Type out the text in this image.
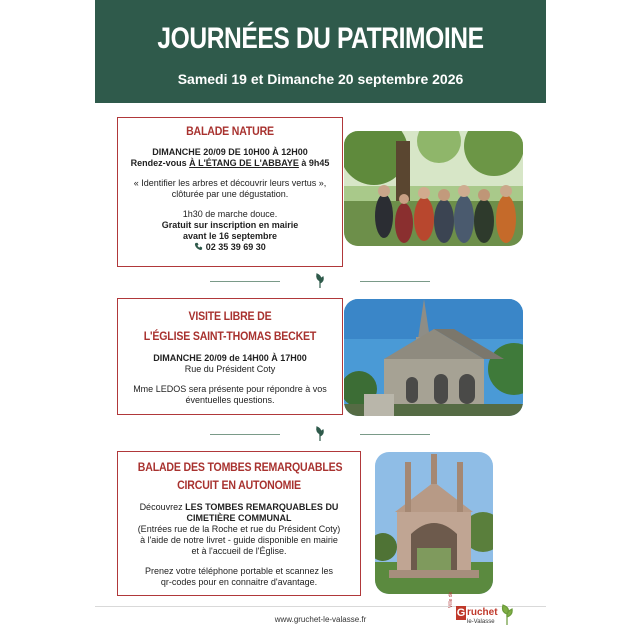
JOURNÉES DU PATRIMOINE
Samedi 19 et Dimanche 20 septembre 2026
BALADE NATURE

DIMANCHE 20/09 DE 10H00 À 12H00

Rendez-vous À L'ÉTANG DE L'ABBAYE à 9h45

« Identifier les arbres et découvrir leurs vertus »,

clôturée par une dégustation.

1h30 de marche douce.

Gratuit sur inscription en mairie

avant le 16 septembre

02 35 39 69 30

VISITE LIBRE DE
L'ÉGLISE SAINT-THOMAS BECKET

DIMANCHE 20/09 de 14H00 À 17H00

Rue du Président Coty

Mme LEDOS sera présente pour répondre à vos

éventuelles questions.

BALADE DES TOMBES REMARQUABLES
CIRCUIT EN AUTONOMIE

Découvrez LES TOMBES REMARQUABLES DU

CIMETIÈRE COMMUNAL

(Entrées rue de la Roche et rue du Président Coty)

à l'aide de notre livret - guide disponible en mairie

et à l'accueil de l'Église.

Prenez votre téléphone portable et scannez les

qr-codes pour en connaitre d'avantage.

www.gruchet-le-valasse.fr
Ville de
G ruchet
le-Valasse
